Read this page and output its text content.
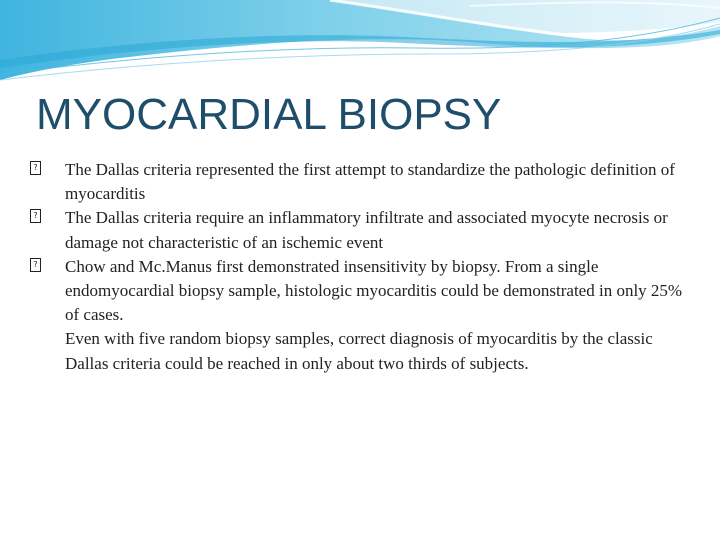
MYOCARDIAL BIOPSY
? The Dallas criteria represented the first attempt to standardize the pathologic definition of myocarditis
? The Dallas criteria require an inflammatory infiltrate and associated myocyte necrosis or damage not characteristic of an ischemic event
? Chow and Mc.Manus first demonstrated insensitivity by biopsy. From a single endomyocardial biopsy sample, histologic myocarditis could be demonstrated in only 25% of cases.
Even with five random biopsy samples, correct diagnosis of myocarditis by the classic Dallas criteria could be reached in only about two thirds of subjects.
